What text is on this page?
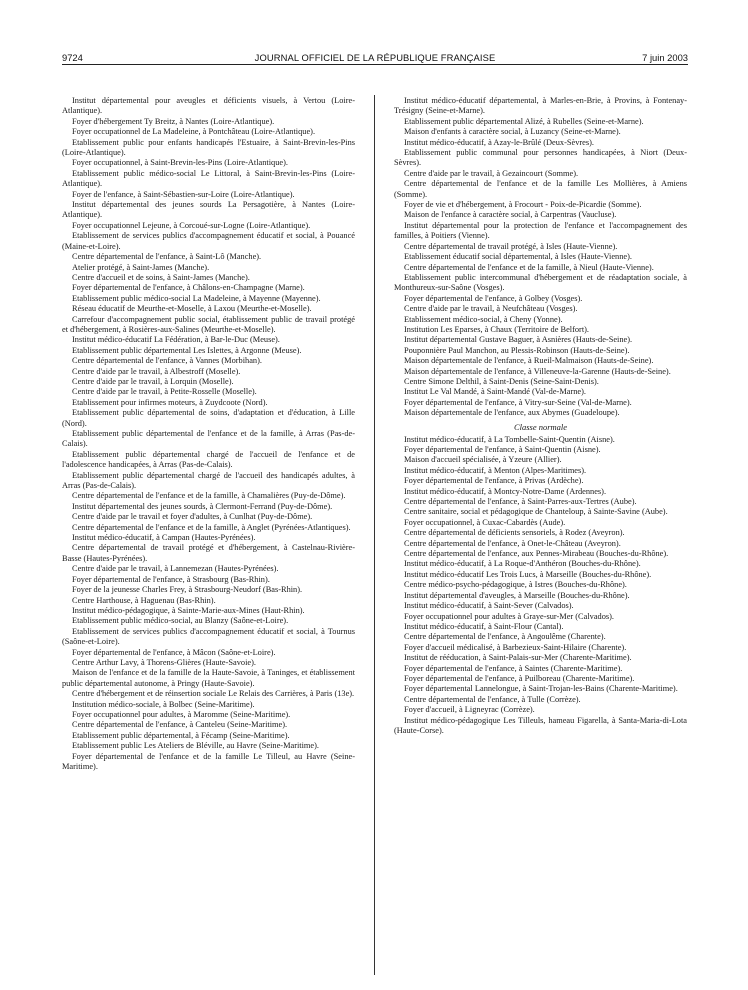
9724	JOURNAL OFFICIEL DE LA RÉPUBLIQUE FRANÇAISE	7 juin 2003

Institut départemental pour aveugles et déficients visuels, à Vertou (Loire-Atlantique).

Foyer d'hébergement Ty Breitz, à Nantes (Loire-Atlantique).

Foyer occupationnel de La Madeleine, à Pontchâteau (Loire-Atlantique).

Etablissement public pour enfants handicapés l'Estuaire, à Saint-Brevin-les-Pins (Loire-Atlantique).

Foyer occupationnel, à Saint-Brevin-les-Pins (Loire-Atlantique).

Etablissement public médico-social Le Littoral, à Saint-Brevin-les-Pins (Loire-Atlantique).

Foyer de l'enfance, à Saint-Sébastien-sur-Loire (Loire-Atlantique).

Institut départemental des jeunes sourds La Persagotière, à Nantes (Loire-Atlantique).

Foyer occupationnel Lejeune, à Corcoué-sur-Logne (Loire-Atlantique).

Etablissement de services publics d'accompagnement éducatif et social, à Pouancé (Maine-et-Loire).

Centre départemental de l'enfance, à Saint-Lô (Manche).

Atelier protégé, à Saint-James (Manche).

Centre d'accueil et de soins, à Saint-James (Manche).

Foyer départemental de l'enfance, à Châlons-en-Champagne (Marne).

Etablissement public médico-social La Madeleine, à Mayenne (Mayenne).

Réseau éducatif de Meurthe-et-Moselle, à Laxou (Meurthe-et-Moselle).

Carrefour d'accompagnement public social, établissement public de travail protégé et d'hébergement, à Rosières-aux-Salines (Meurthe-et-Moselle).

Institut médico-éducatif La Fédération, à Bar-le-Duc (Meuse).

Etablissement public départemental Les Islettes, à Argonne (Meuse).

Centre départemental de l'enfance, à Vannes (Morbihan).

Centre d'aide par le travail, à Albestroff (Moselle).

Centre d'aide par le travail, à Lorquin (Moselle).

Centre d'aide par le travail, à Petite-Rosselle (Moselle).

Etablissement pour infirmes moteurs, à Zuydcoote (Nord).

Etablissement public départemental de soins, d'adaptation et d'éducation, à Lille (Nord).

Etablissement public départemental de l'enfance et de la famille, à Arras (Pas-de-Calais).

Etablissement public départemental chargé de l'accueil de l'enfance et de l'adolescence handicapées, à Arras (Pas-de-Calais).

Etablissement public départemental chargé de l'accueil des handicapés adultes, à Arras (Pas-de-Calais).

Centre départemental de l'enfance et de la famille, à Chamalières (Puy-de-Dôme).

Institut départemental des jeunes sourds, à Clermont-Ferrand (Puy-de-Dôme).

Centre d'aide par le travail et foyer d'adultes, à Cunlhat (Puy-de-Dôme).

Centre départemental de l'enfance et de la famille, à Anglet (Pyrénées-Atlantiques).

Institut médico-éducatif, à Campan (Hautes-Pyrénées).

Centre départemental de travail protégé et d'hébergement, à Castelnau-Rivière-Basse (Hautes-Pyrénées).

Centre d'aide par le travail, à Lannemezan (Hautes-Pyrénées).

Foyer départemental de l'enfance, à Strasbourg (Bas-Rhin).

Foyer de la jeunesse Charles Frey, à Strasbourg-Neudorf (Bas-Rhin).

Centre Harthouse, à Haguenau (Bas-Rhin).

Institut médico-pédagogique, à Sainte-Marie-aux-Mines (Haut-Rhin).

Etablissement public médico-social, au Blanzy (Saône-et-Loire).

Etablissement de services publics d'accompagnement éducatif et social, à Tournus (Saône-et-Loire).

Foyer départemental de l'enfance, à Mâcon (Saône-et-Loire).

Centre Arthur Lavy, à Thorens-Glières (Haute-Savoie).

Maison de l'enfance et de la famille de la Haute-Savoie, à Taninges, et établissement public départemental autonome, à Pringy (Haute-Savoie).

Centre d'hébergement et de réinsertion sociale Le Relais des Carrières, à Paris (13e).

Institution médico-sociale, à Bolbec (Seine-Maritime).

Foyer occupationnel pour adultes, à Maromme (Seine-Maritime).

Centre départemental de l'enfance, à Canteleu (Seine-Maritime).

Etablissement public départemental, à Fécamp (Seine-Maritime).

Etablissement public Les Ateliers de Bléville, au Havre (Seine-Maritime).

Foyer départemental de l'enfance et de la famille Le Tilleul, au Havre (Seine-Maritime).

Institut médico-éducatif départemental, à Marles-en-Brie, à Provins, à Fontenay-Trésigny (Seine-et-Marne).

Etablissement public départemental Alizé, à Rubelles (Seine-et-Marne).

Maison d'enfants à caractère social, à Luzancy (Seine-et-Marne).

Institut médico-éducatif, à Azay-le-Brûlé (Deux-Sèvres).

Etablissement public communal pour personnes handicapées, à Niort (Deux-Sèvres).

Centre d'aide par le travail, à Gezaincourt (Somme).

Centre départemental de l'enfance et de la famille Les Mollières, à Amiens (Somme).

Foyer de vie et d'hébergement, à Frocourt - Poix-de-Picardie (Somme).

Maison de l'enfance à caractère social, à Carpentras (Vaucluse).

Institut départemental pour la protection de l'enfance et l'accompagnement des familles, à Poitiers (Vienne).

Centre départemental de travail protégé, à Isles (Haute-Vienne).

Etablissement éducatif social départemental, à Isles (Haute-Vienne).

Centre départemental de l'enfance et de la famille, à Nieul (Haute-Vienne).

Etablissement public intercommunal d'hébergement et de réadaptation sociale, à Monthureux-sur-Saône (Vosges).

Foyer départemental de l'enfance, à Golbey (Vosges).

Centre d'aide par le travail, à Neufchâteau (Vosges).

Etablissement médico-social, à Cheny (Yonne).

Institution Les Eparses, à Chaux (Territoire de Belfort).

Institut départemental Gustave Baguer, à Asnières (Hauts-de-Seine).

Pouponnière Paul Manchon, au Plessis-Robinson (Hauts-de-Seine).

Maison départementale de l'enfance, à Rueil-Malmaison (Hauts-de-Seine).

Maison départementale de l'enfance, à Villeneuve-la-Garenne (Hauts-de-Seine).

Centre Simone Delthil, à Saint-Denis (Seine-Saint-Denis).

Institut Le Val Mandé, à Saint-Mandé (Val-de-Marne).

Foyer départemental de l'enfance, à Vitry-sur-Seine (Val-de-Marne).

Maison départementale de l'enfance, aux Abymes (Guadeloupe).

Classe normale

Institut médico-éducatif, à La Tombelle-Saint-Quentin (Aisne).

Foyer départemental de l'enfance, à Saint-Quentin (Aisne).

Maison d'accueil spécialisée, à Yzeure (Allier).

Institut médico-éducatif, à Menton (Alpes-Maritimes).

Foyer départemental de l'enfance, à Privas (Ardèche).

Institut médico-éducatif, à Montcy-Notre-Dame (Ardennes).

Centre départemental de l'enfance, à Saint-Parres-aux-Tertres (Aube).

Centre sanitaire, social et pédagogique de Chanteloup, à Sainte-Savine (Aube).

Foyer occupationnel, à Cuxac-Cabardès (Aude).

Centre départemental de déficients sensoriels, à Rodez (Aveyron).

Centre départemental de l'enfance, à Onet-le-Château (Aveyron).

Centre départemental de l'enfance, aux Pennes-Mirabeau (Bouches-du-Rhône).

Institut médico-éducatif, à La Roque-d'Anthéron (Bouches-du-Rhône).

Institut médico-éducatif Les Trois Lucs, à Marseille (Bouches-du-Rhône).

Centre médico-psycho-pédagogique, à Istres (Bouches-du-Rhône).

Institut départemental d'aveugles, à Marseille (Bouches-du-Rhône).

Institut médico-éducatif, à Saint-Sever (Calvados).

Foyer occupationnel pour adultes à Graye-sur-Mer (Calvados).

Institut médico-éducatif, à Saint-Flour (Cantal).

Centre départemental de l'enfance, à Angoulême (Charente).

Foyer d'accueil médicalisé, à Barbezieux-Saint-Hilaire (Charente).

Institut de rééducation, à Saint-Palais-sur-Mer (Charente-Maritime).

Foyer départemental de l'enfance, à Saintes (Charente-Maritime).

Foyer départemental de l'enfance, à Puilboreau (Charente-Maritime).

Foyer départemental Lannelongue, à Saint-Trojan-les-Bains (Charente-Maritime).

Centre départemental de l'enfance, à Tulle (Corrèze).

Foyer d'accueil, à Ligneyrac (Corrèze).

Institut médico-pédagogique Les Tilleuls, hameau Figarella, à Santa-Maria-di-Lota (Haute-Corse).
